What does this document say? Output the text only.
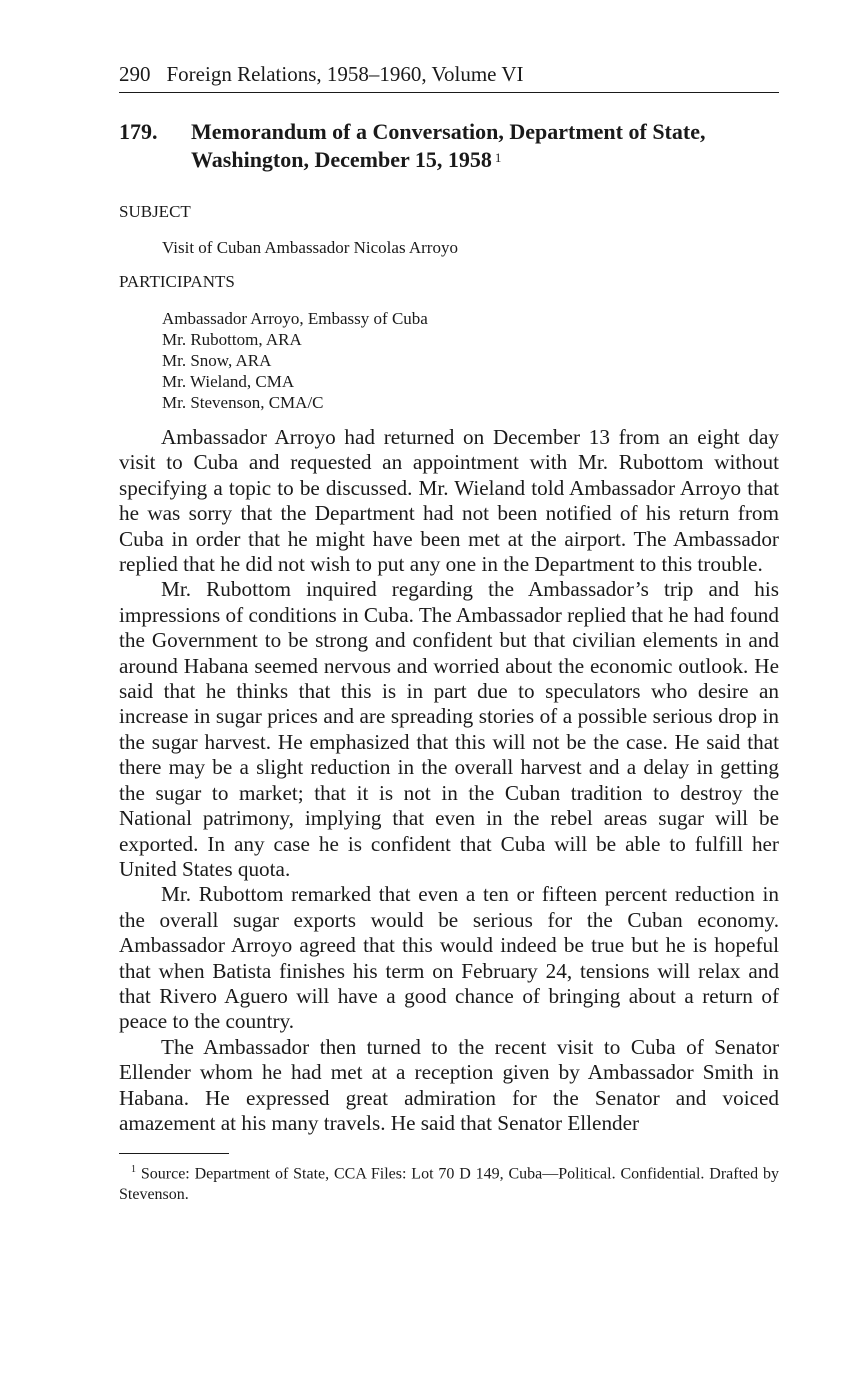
290 Foreign Relations, 1958–1960, Volume VI
179.	Memorandum of a Conversation, Department of State,
Washington, December 15, 1958 $^1$
SUBJECT
Visit of Cuban Ambassador Nicolas Arroyo
PARTICIPANTS
Ambassador Arroyo, Embassy of Cuba
Mr. Rubottom, ARA
Mr. Snow, ARA
Mr. Wieland, CMA
Mr. Stevenson, CMA/C

Ambassador Arroyo had returned on December 13 from an eight day visit to Cuba and requested an appointment with Mr. Rubottom without specifying a topic to be discussed. Mr. Wieland told Ambassador Arroyo that he was sorry that the Department had not been notified of his return from Cuba in order that he might have been met at the airport. The Ambassador replied that he did not wish to put any one in the Department to this trouble.

Mr. Rubottom inquired regarding the Ambassador’s trip and his impressions of conditions in Cuba. The Ambassador replied that he had found the Government to be strong and confident but that civilian elements in and around Habana seemed nervous and worried about the economic outlook. He said that he thinks that this is in part due to speculators who desire an increase in sugar prices and are spreading stories of a possible serious drop in the sugar harvest. He emphasized that this will not be the case. He said that there may be a slight reduction in the overall harvest and a delay in getting the sugar to market; that it is not in the Cuban tradition to destroy the National patrimony, implying that even in the rebel areas sugar will be exported. In any case he is confident that Cuba will be able to fulfill her United States quota.

Mr. Rubottom remarked that even a ten or fifteen percent reduction in the overall sugar exports would be serious for the Cuban economy. Ambassador Arroyo agreed that this would indeed be true but he is hopeful that when Batista finishes his term on February 24, tensions will relax and that Rivero Aguero will have a good chance of bringing about a return of peace to the country.

The Ambassador then turned to the recent visit to Cuba of Senator Ellender whom he had met at a reception given by Ambassador Smith in Habana. He expressed great admiration for the Senator and voiced amazement at his many travels. He said that Senator Ellender

$^1$ Source: Department of State, CCA Files: Lot 70 D 149, Cuba—Political. Confidential. Drafted by Stevenson.
